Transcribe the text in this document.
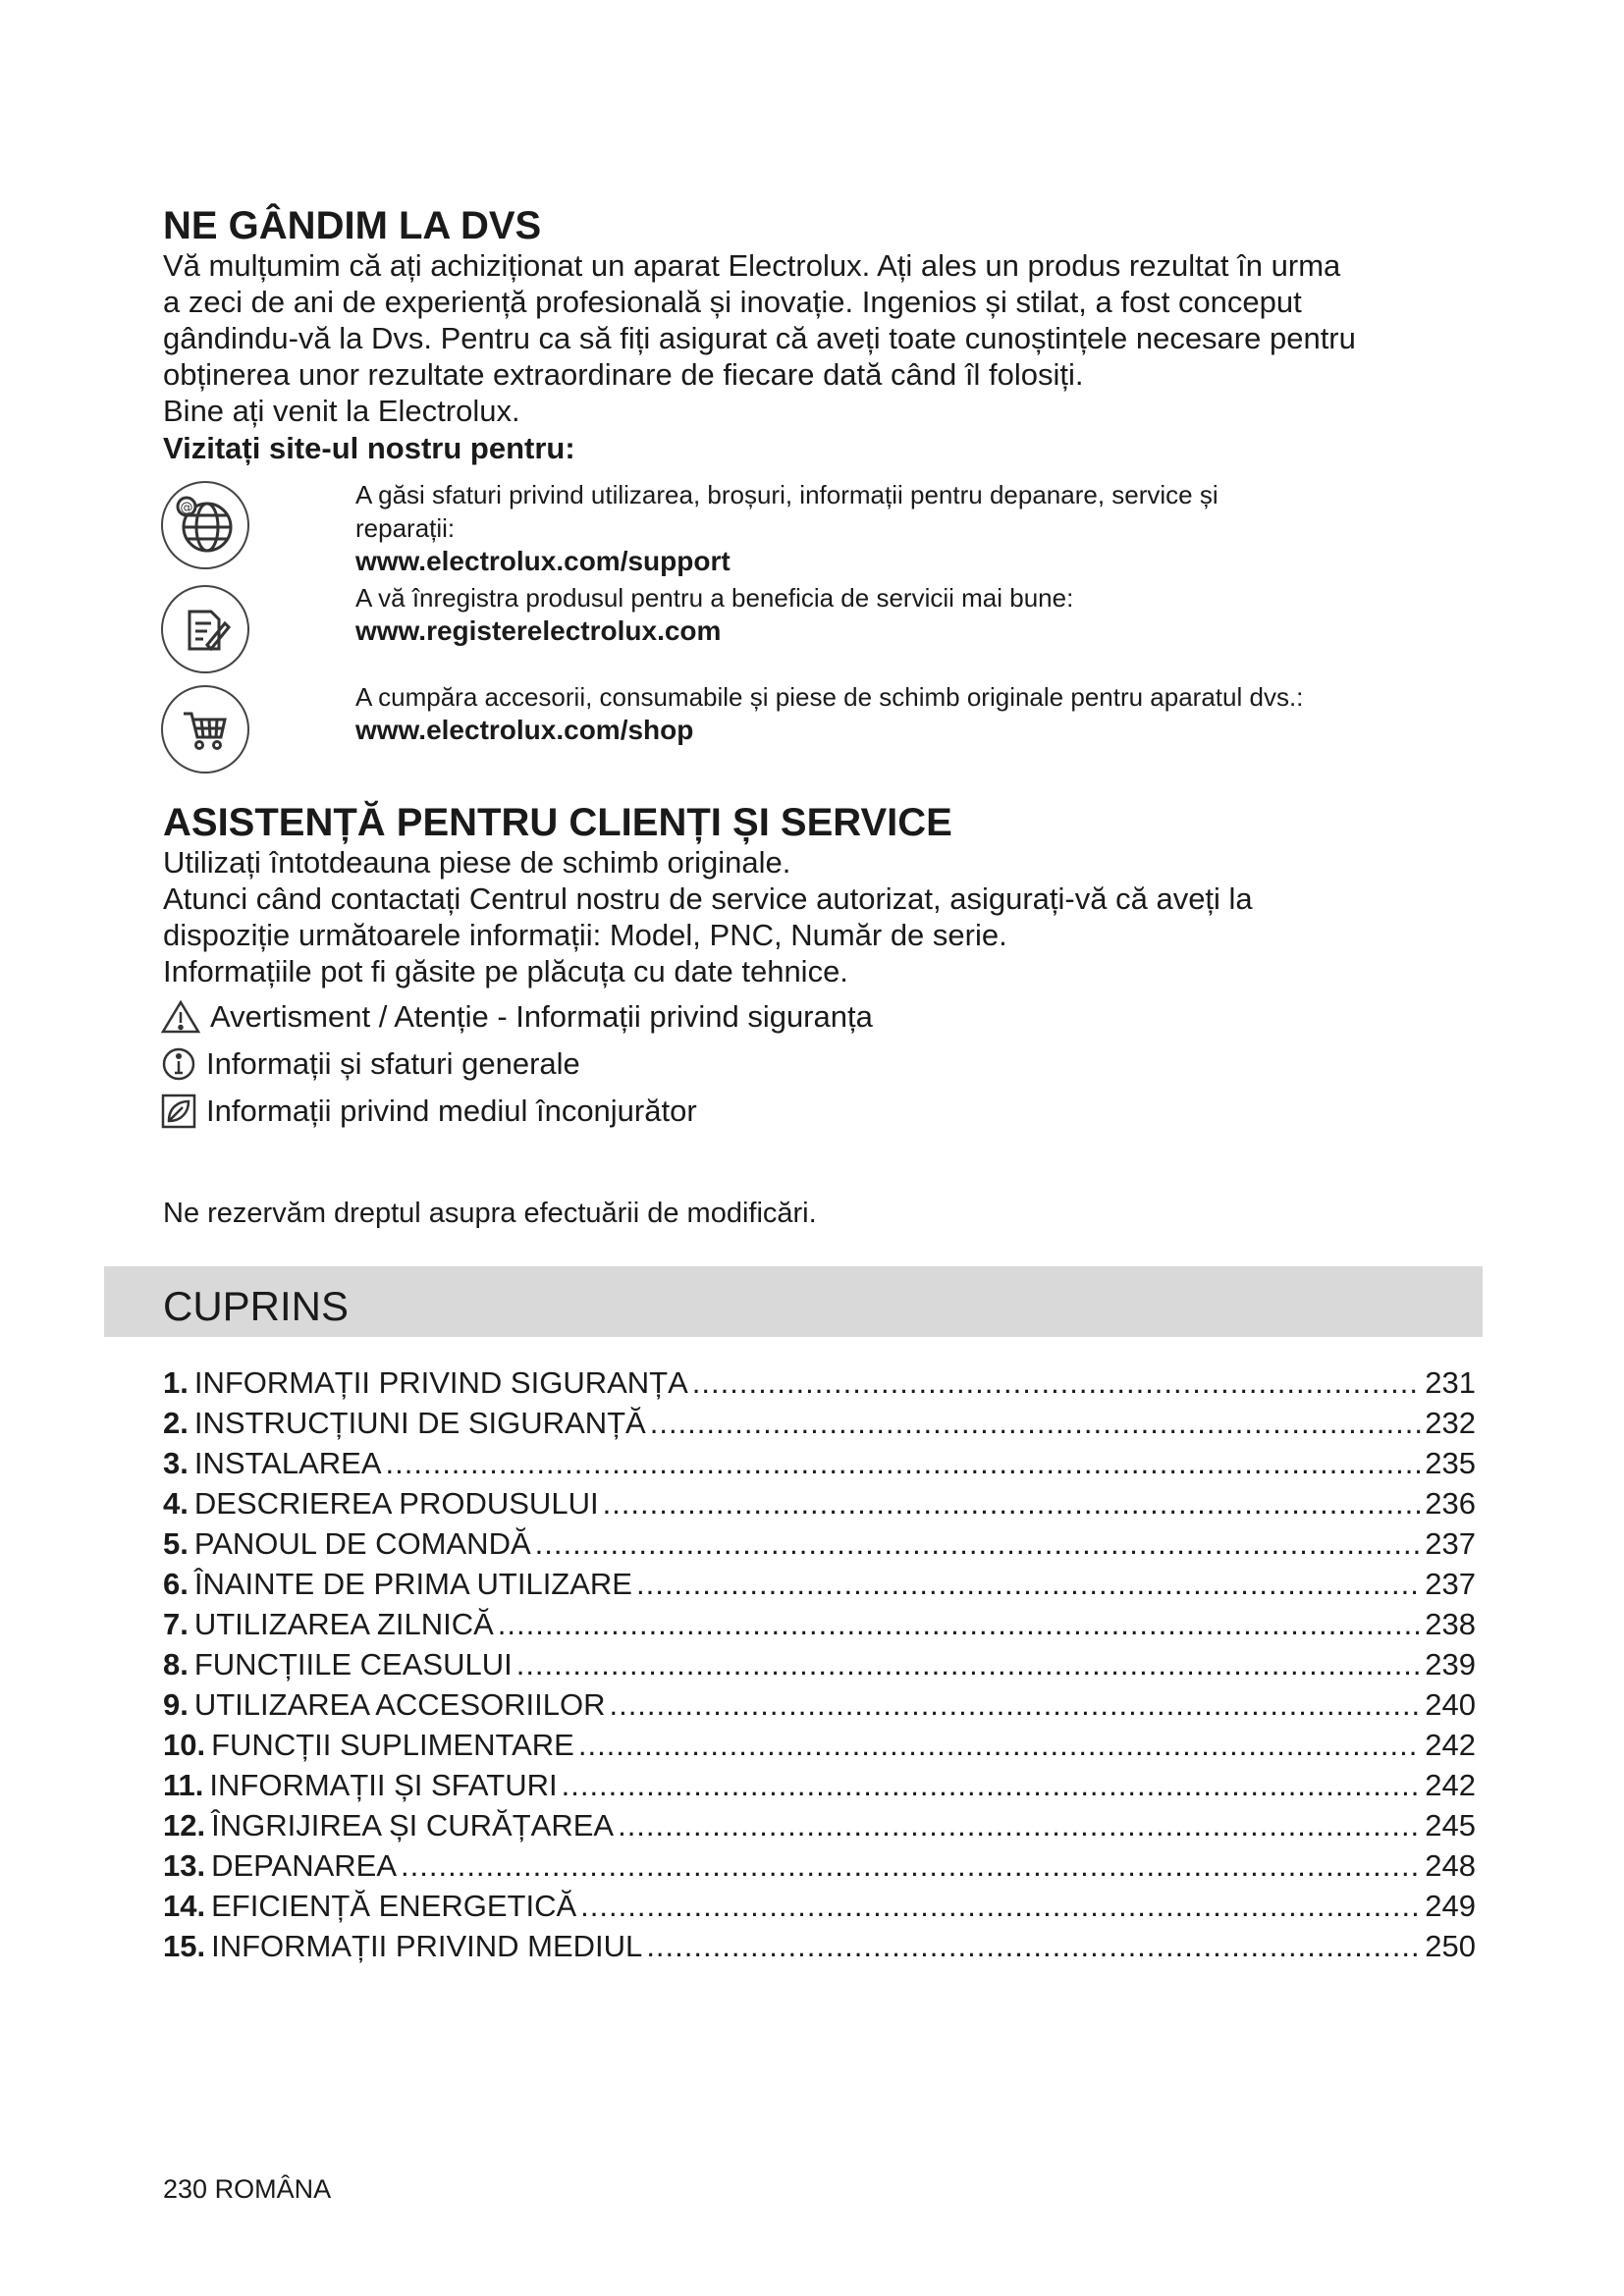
NE GÂNDIM LA DVS
Vă mulțumim că ați achiziționat un aparat Electrolux. Ați ales un produs rezultat în urma
a zeci de ani de experiență profesională și inovație. Ingenios și stilat, a fost conceput
gândindu-vă la Dvs. Pentru ca să fiți asigurat că aveți toate cunoștințele necesare pentru
obținerea unor rezultate extraordinare de fiecare dată când îl folosiți.
Bine ați venit la Electrolux.
Vizitați site-ul nostru pentru:
@	A găsi sfaturi privind utilizarea, broșuri, informații pentru depanare, service și
reparații:
www.electrolux.com/support
A vă înregistra produsul pentru a beneficia de servicii mai bune:
www.registerelectrolux.com
A cumpăra accesorii, consumabile și piese de schimb originale pentru aparatul dvs.:
www.electrolux.com/shop
ASISTENȚĂ PENTRU CLIENȚI ȘI SERVICE
Utilizați întotdeauna piese de schimb originale.
Atunci când contactați Centrul nostru de service autorizat, asigurați-vă că aveți la
dispoziție următoarele informații: Model, PNC, Număr de serie.
Informațiile pot fi găsite pe plăcuța cu date tehnice.
Avertisment / Atenție - Informații privind siguranța
Informații și sfaturi generale
Informații privind mediul înconjurător
Ne rezervăm dreptul asupra efectuării de modificări.
CUPRINS
1. INFORMAȚII PRIVIND SIGURANȚA .....	231
2. INSTRUCȚIUNI DE SIGURANȚĂ .....	232
3. INSTALAREA .....	235
4. DESCRIEREA PRODUSULUI .....	236
5. PANOUL DE COMANDĂ .....	237
6. ÎNAINTE DE PRIMA UTILIZARE .....	237
7. UTILIZAREA ZILNICĂ .....	238
8. FUNCȚIILE CEASULUI .....	239
9. UTILIZAREA ACCESORIILOR .....	240
10. FUNCȚII SUPLIMENTARE .....	242
11. INFORMAȚII ȘI SFATURI .....	242
12. ÎNGRIJIREA ȘI CURĂȚAREA .....	245
13. DEPANAREA .....	248
14. EFICIENȚĂ ENERGETICĂ .....	249
15. INFORMAȚII PRIVIND MEDIUL .....	250
230 ROMÂNA
